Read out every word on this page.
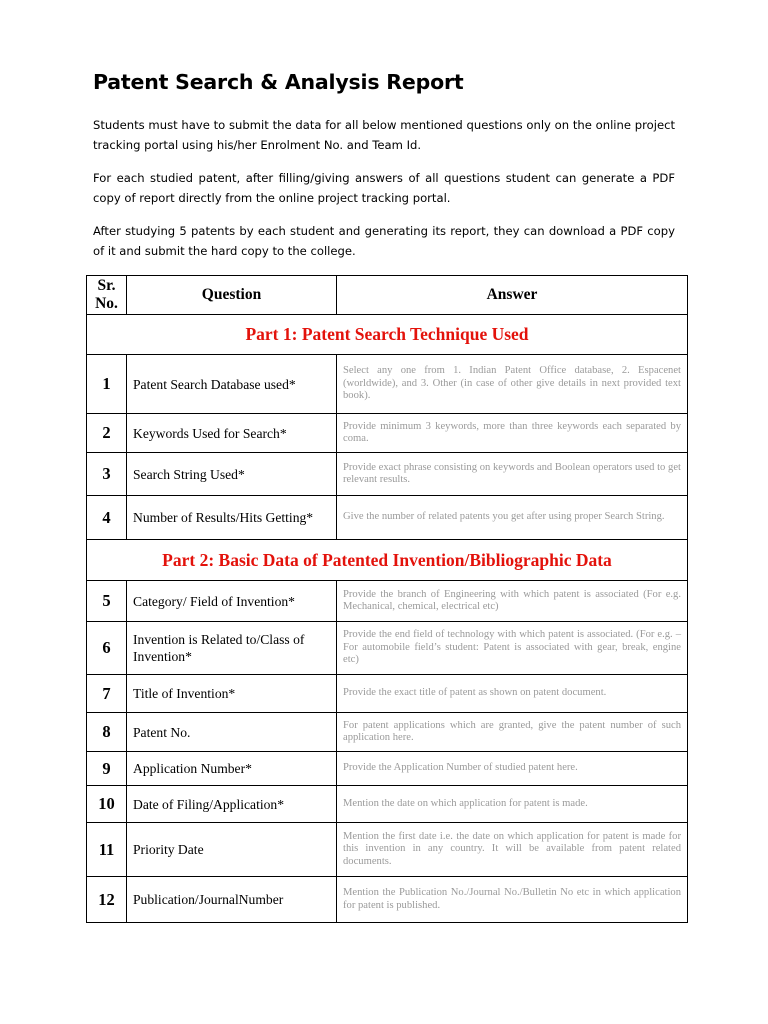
Patent Search & Analysis Report

Students must have to submit the data for all below mentioned questions only on the online project tracking portal using his/her Enrolment No. and Team Id.

For each studied patent, after filling/giving answers of all questions student can generate a PDF copy of report directly from the online project tracking portal.

After studying 5 patents by each student and generating its report, they can download a PDF copy of it and submit the hard copy to the college.

Sr.
No.	Question	Answer
Part 1: Patent Search Technique Used		
1	Patent Search Database used*	Select any one from 1. Indian Patent Office database, 2. Espacenet (worldwide), and 3. Other (in case of other give details in next provided text book).
2	Keywords Used for Search*	Provide minimum 3 keywords, more than three keywords each separated by coma.
3	Search String Used*	Provide exact phrase consisting on keywords and Boolean operators used to get relevant results.
4	Number of Results/Hits Getting*	Give the number of related patents you get after using proper Search String.
Part 2: Basic Data of Patented Invention/Bibliographic Data		
5	Category/ Field of Invention*	Provide the branch of Engineering with which patent is associated (For e.g. Mechanical, chemical, electrical etc)
6	Invention is Related to/Class of Invention*	Provide the end field of technology with which patent is associated. (For e.g. – For automobile field’s student: Patent is associated with gear, break, engine etc)
7	Title of Invention*	Provide the exact title of patent as shown on patent document.
8	Patent No.	For patent applications which are granted, give the patent number of such application here.
9	Application Number*	Provide the Application Number of studied patent here.
10	Date of Filing/Application*	Mention the date on which application for patent is made.
11	Priority Date	Mention the first date i.e. the date on which application for patent is made for this invention in any country. It will be available from patent related documents.
12	Publication/JournalNumber	Mention the Publication No./Journal No./Bulletin No etc in which application for patent is published.
